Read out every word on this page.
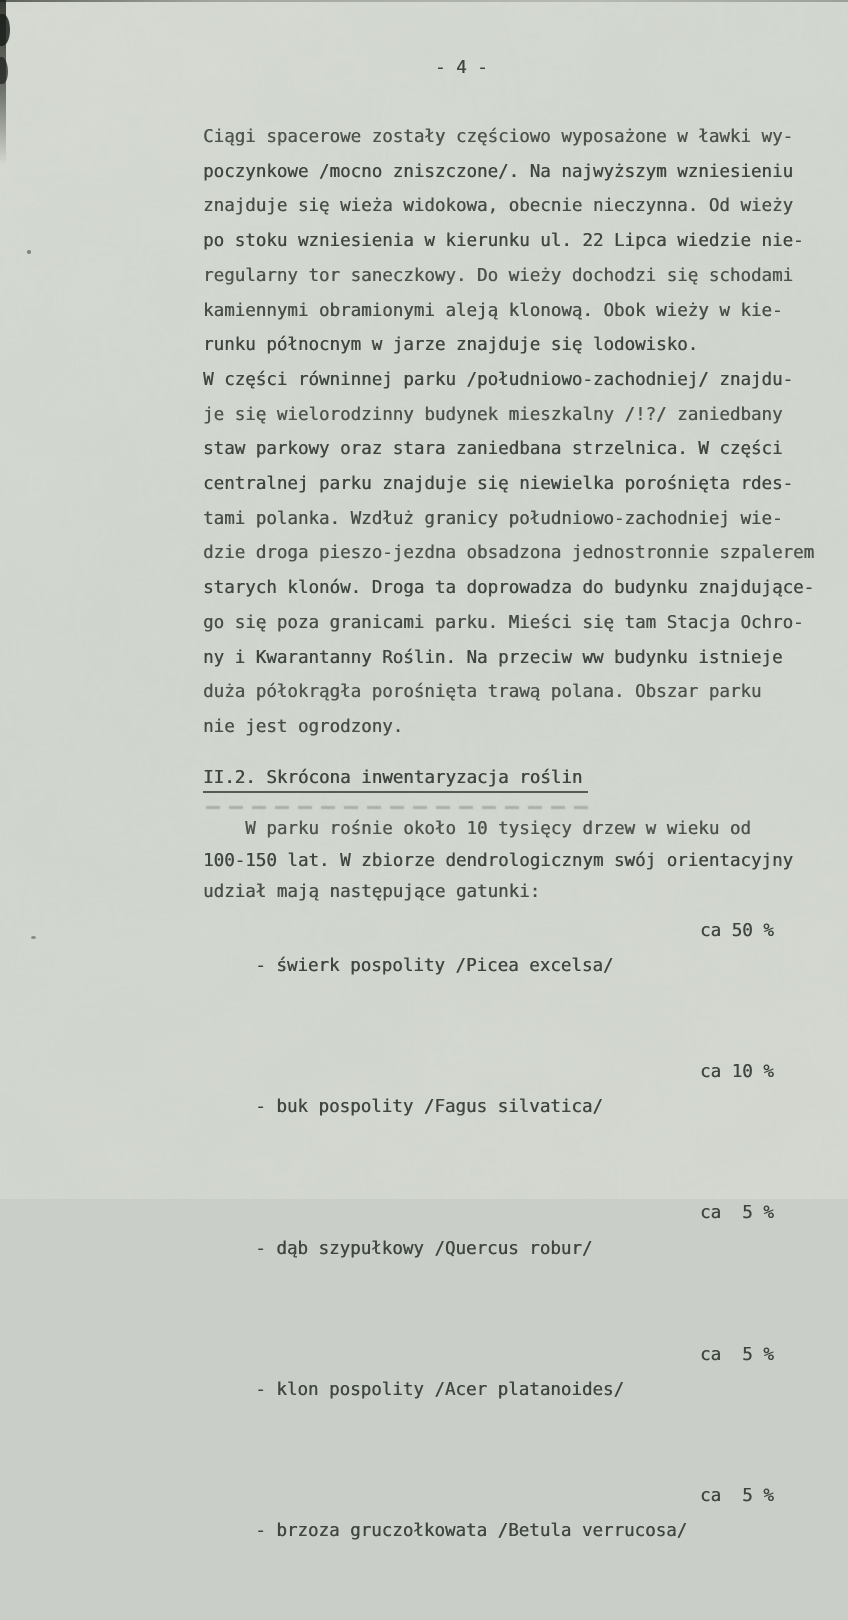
- 4 -
Ciągi spacerowe zostały częściowo wyposażone w ławki wy-
poczynkowe /mocno zniszczone/. Na najwyższym wzniesieniu
znajduje się wieża widokowa, obecnie nieczynna. Od wieży
po stoku wzniesienia w kierunku ul. 22 Lipca wiedzie nie-
regularny tor saneczkowy. Do wieży dochodzi się schodami
kamiennymi obramionymi aleją klonową. Obok wieży w kie-
runku północnym w jarze znajduje się lodowisko.
W części równinnej parku /południowo-zachodniej/ znajdu-
je się wielorodzinny budynek mieszkalny /!?/ zaniedbany
staw parkowy oraz stara zaniedbana strzelnica. W części
centralnej parku znajduje się niewielka porośnięta rdes-
tami polanka. Wzdłuż granicy południowo-zachodniej wie-
dzie droga pieszo-jezdna obsadzona jednostronnie szpalerem
starych klonów. Droga ta doprowadza do budynku znajdujące-
go się poza granicami parku. Mieści się tam Stacja Ochro-
ny i Kwarantanny Roślin. Na przeciw ww budynku istnieje
duża półokrągła porośnięta trawą polana. Obszar parku
nie jest ogrodzony.
II.2. Skrócona inwentaryzacja roślin
W parku rośnie około 10 tysięcy drzew w wieku od
100-150 lat. W zbiorze dendrologicznym swój orientacyjny
udział mają następujące gatunki:

- świerk pospolity /Picea excelsa/

ca 50 %

- buk pospolity /Fagus silvatica/

ca 10 %

- dąb szypułkowy /Quercus robur/

ca  5 %

- klon pospolity /Acer platanoides/

ca  5 %

- brzoza gruczołkowata /Betula verrucosa/

ca  5 %
